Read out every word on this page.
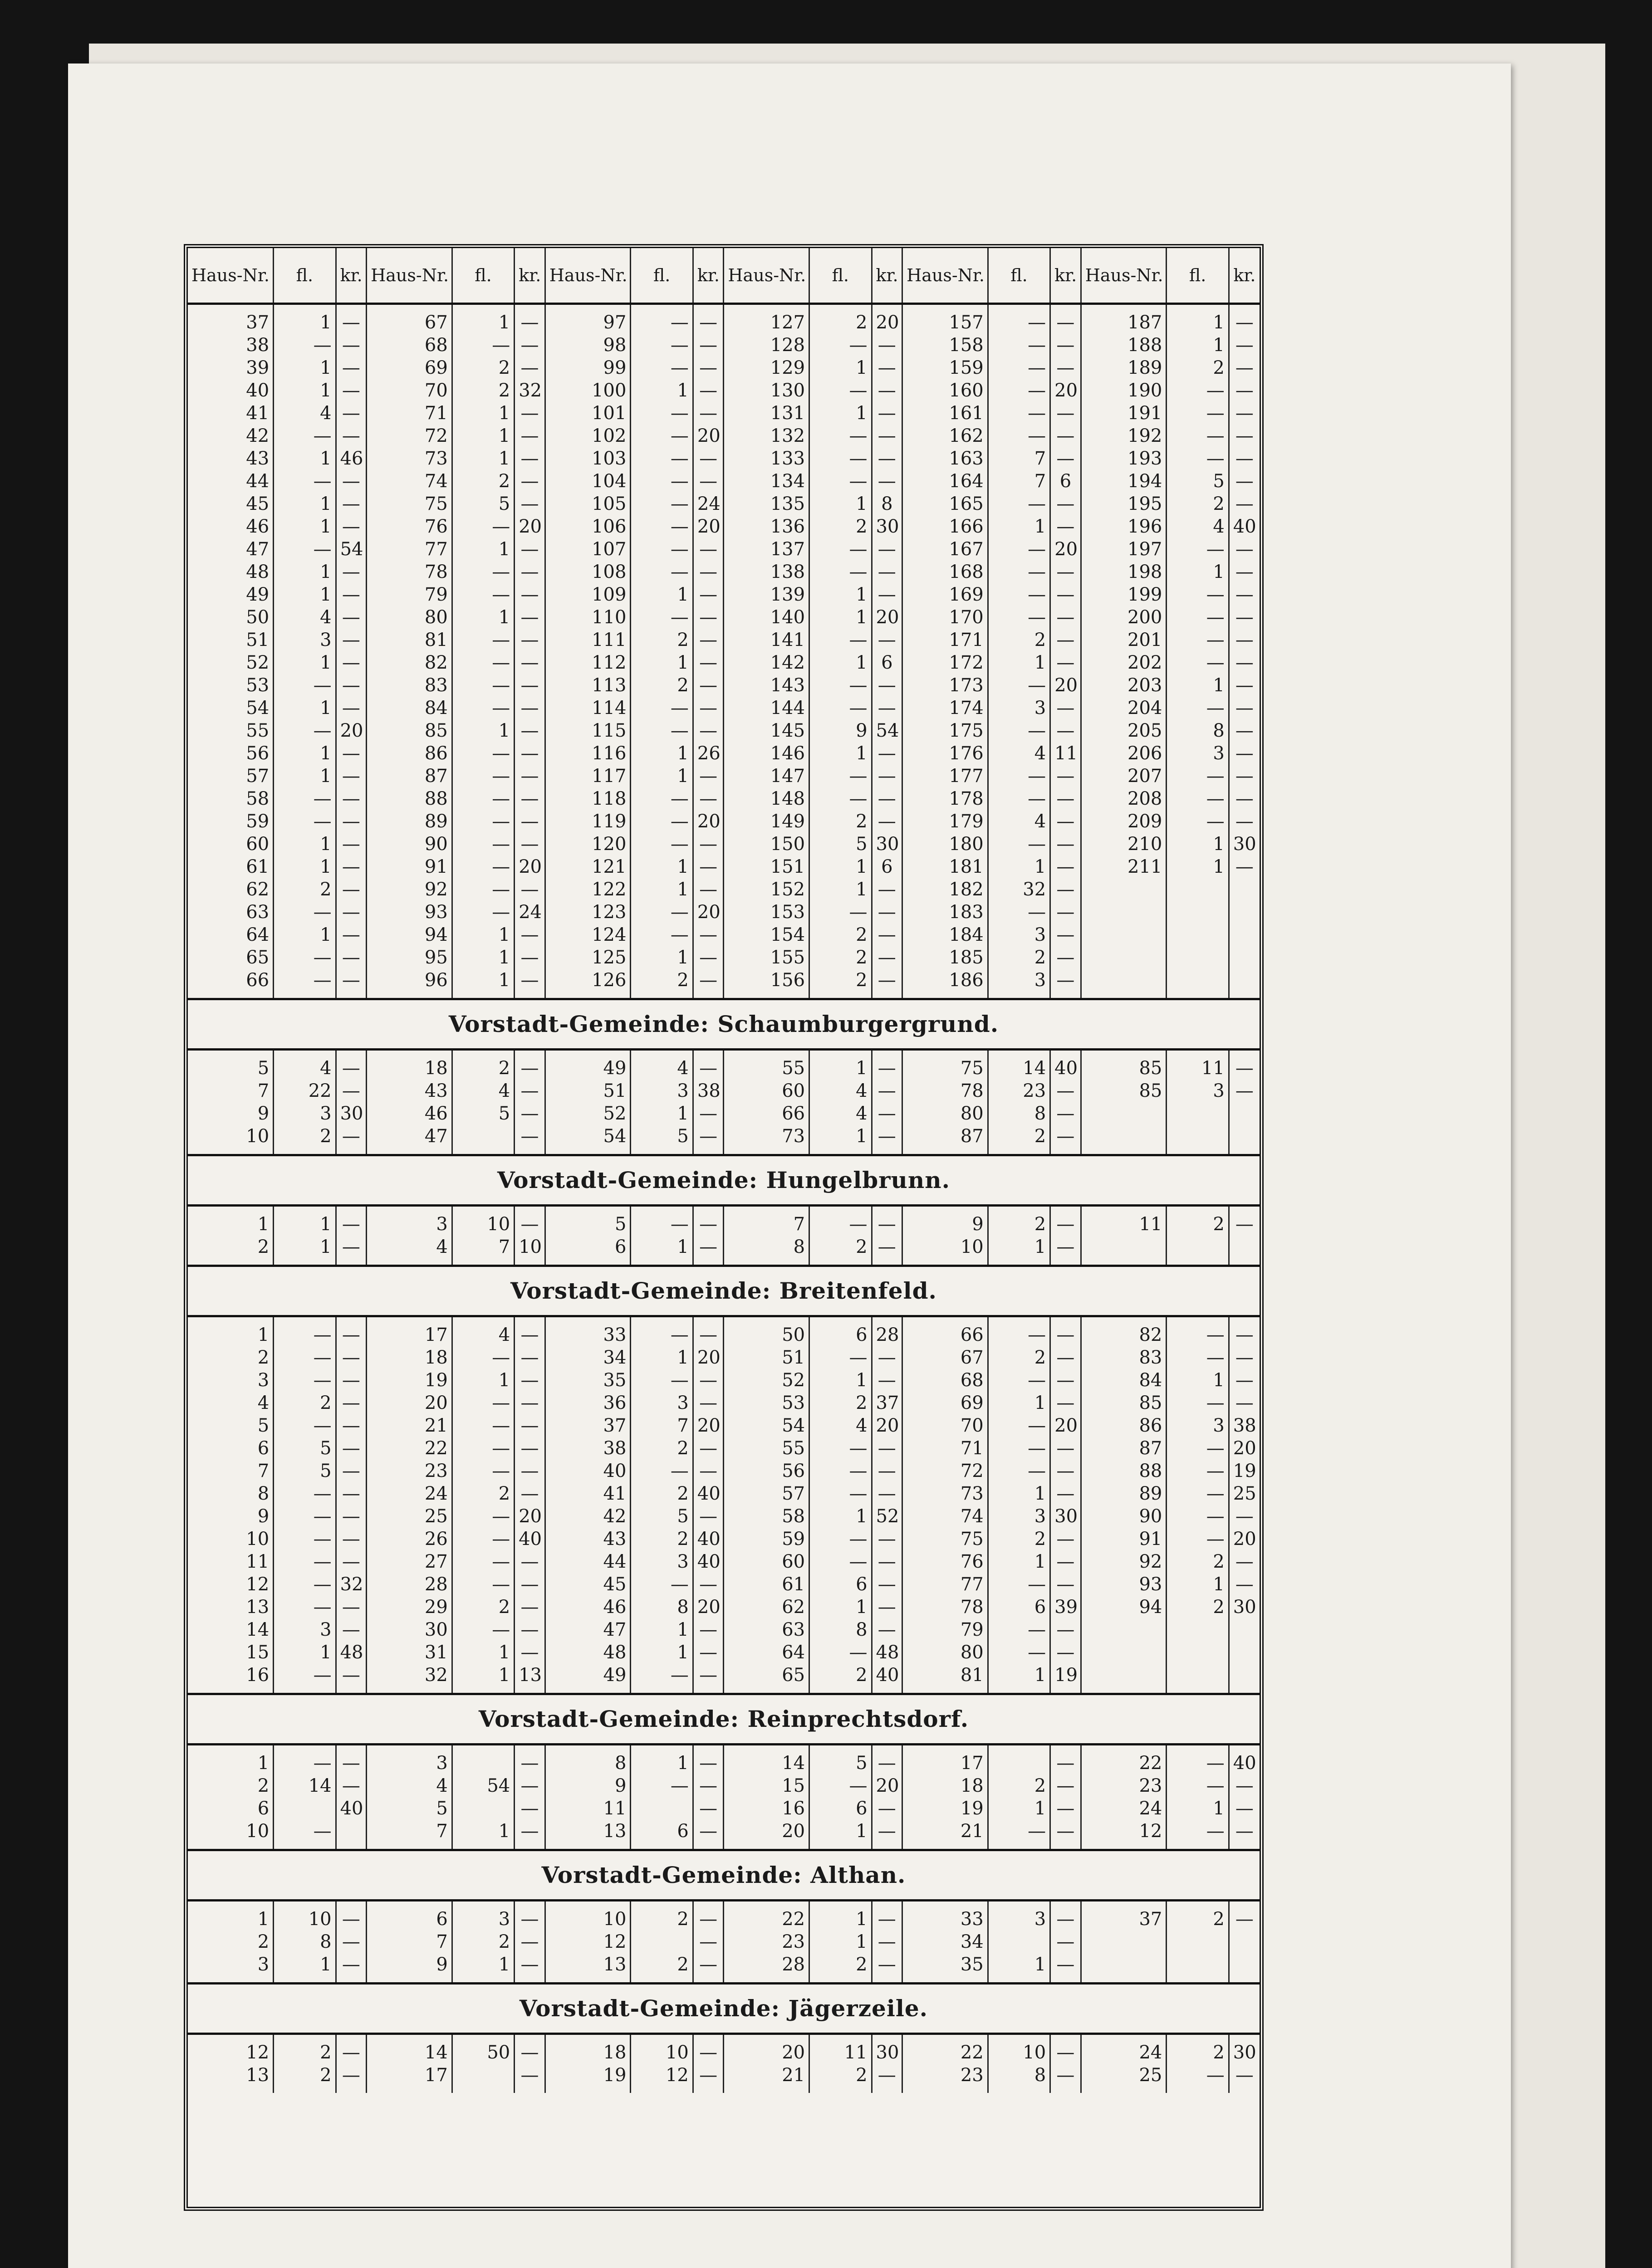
Haus-Nr.	fl.	kr.	Haus-Nr.	fl.	kr.	Haus-Nr.	fl.	kr.	Haus-Nr.	fl.	kr.	Haus-Nr.	fl.	kr.	Haus-Nr.	fl.	kr.

37	1	—	67	1	—	97	—	—	127	2	20	157	—	—	187	1	—
38	—	—	68	—	—	98	—	—	128	—	—	158	—	—	188	1	—
39	1	—	69	2	—	99	—	—	129	1	—	159	—	—	189	2	—
40	1	—	70	2	32	100	1	—	130	—	—	160	—	20	190	—	—
41	4	—	71	1	—	101	—	—	131	1	—	161	—	—	191	—	—
42	—	—	72	1	—	102	—	20	132	—	—	162	—	—	192	—	—
43	1	46	73	1	—	103	—	—	133	—	—	163	7	—	193	—	—
44	—	—	74	2	—	104	—	—	134	—	—	164	7	6	194	5	—
45	1	—	75	5	—	105	—	24	135	1	8	165	—	—	195	2	—
46	1	—	76	—	20	106	—	20	136	2	30	166	1	—	196	4	40
47	—	54	77	1	—	107	—	—	137	—	—	167	—	20	197	—	—
48	1	—	78	—	—	108	—	—	138	—	—	168	—	—	198	1	—
49	1	—	79	—	—	109	1	—	139	1	—	169	—	—	199	—	—
50	4	—	80	1	—	110	—	—	140	1	20	170	—	—	200	—	—
51	3	—	81	—	—	111	2	—	141	—	—	171	2	—	201	—	—
52	1	—	82	—	—	112	1	—	142	1	6	172	1	—	202	—	—
53	—	—	83	—	—	113	2	—	143	—	—	173	—	20	203	1	—
54	1	—	84	—	—	114	—	—	144	—	—	174	3	—	204	—	—
55	—	20	85	1	—	115	—	—	145	9	54	175	—	—	205	8	—
56	1	—	86	—	—	116	1	26	146	1	—	176	4	11	206	3	—
57	1	—	87	—	—	117	1	—	147	—	—	177	—	—	207	—	—
58	—	—	88	—	—	118	—	—	148	—	—	178	—	—	208	—	—
59	—	—	89	—	—	119	—	20	149	2	—	179	4	—	209	—	—
60	1	—	90	—	—	120	—	—	150	5	30	180	—	—	210	1	30
61	1	—	91	—	20	121	1	—	151	1	6	181	1	—	211	1	—
62	2	—	92	—	—	122	1	—	152	1	—	182	32	—			
63	—	—	93	—	24	123	—	20	153	—	—	183	—	—			
64	1	—	94	1	—	124	—	—	154	2	—	184	3	—			
65	—	—	95	1	—	125	1	—	155	2	—	185	2	—			
66	—	—	96	1	—	126	2	—	156	2	—	186	3	—			

Vorstadt-Gemeinde: Schaumburgergrund.																	

5	4	—	18	2	—	49	4	—	55	1	—	75	14	40	85	11	—
7	22	—	43	4	—	51	3	38	60	4	—	78	23	—	85	3	—
9	3	30	46	5	—	52	1	—	66	4	—	80	8	—			
10	2	—	47		—	54	5	—	73	1	—	87	2	—			

Vorstadt-Gemeinde: Hungelbrunn.																	

1	1	—	3	10	—	5	—	—	7	—	—	9	2	—	11	2	—
2	1	—	4	7	10	6	1	—	8	2	—	10	1	—			

Vorstadt-Gemeinde: Breitenfeld.																	

1	—	—	17	4	—	33	—	—	50	6	28	66	—	—	82	—	—
2	—	—	18	—	—	34	1	20	51	—	—	67	2	—	83	—	—
3	—	—	19	1	—	35	—	—	52	1	—	68	—	—	84	1	—
4	2	—	20	—	—	36	3	—	53	2	37	69	1	—	85	—	—
5	—	—	21	—	—	37	7	20	54	4	20	70	—	20	86	3	38
6	5	—	22	—	—	38	2	—	55	—	—	71	—	—	87	—	20
7	5	—	23	—	—	40	—	—	56	—	—	72	—	—	88	—	19
8	—	—	24	2	—	41	2	40	57	—	—	73	1	—	89	—	25
9	—	—	25	—	20	42	5	—	58	1	52	74	3	30	90	—	—
10	—	—	26	—	40	43	2	40	59	—	—	75	2	—	91	—	20
11	—	—	27	—	—	44	3	40	60	—	—	76	1	—	92	2	—
12	—	32	28	—	—	45	—	—	61	6	—	77	—	—	93	1	—
13	—	—	29	2	—	46	8	20	62	1	—	78	6	39	94	2	30
14	3	—	30	—	—	47	1	—	63	8	—	79	—	—			
15	1	48	31	1	—	48	1	—	64	—	48	80	—	—			
16	—	—	32	1	13	49	—	—	65	2	40	81	1	19			

Vorstadt-Gemeinde: Reinprechtsdorf.																	

1	—	—	3		—	8	1	—	14	5	—	17		—	22	—	40
2	14	—	4	54	—	9	—	—	15	—	20	18	2	—	23	—	—
6		40	5		—	11		—	16	6	—	19	1	—	24	1	—
10	—		7	1	—	13	6	—	20	1	—	21	—	—	12	—	—

Vorstadt-Gemeinde: Althan.																	

1	10	—	6	3	—	10	2	—	22	1	—	33	3	—	37	2	—
2	8	—	7	2	—	12		—	23	1	—	34		—			
3	1	—	9	1	—	13	2	—	28	2	—	35	1	—			

Vorstadt-Gemeinde: Jägerzeile.																	

12	2	—	14	50	—	18	10	—	20	11	30	22	10	—	24	2	30
13	2	—	17		—	19	12	—	21	2	—	23	8	—	25	—	—
